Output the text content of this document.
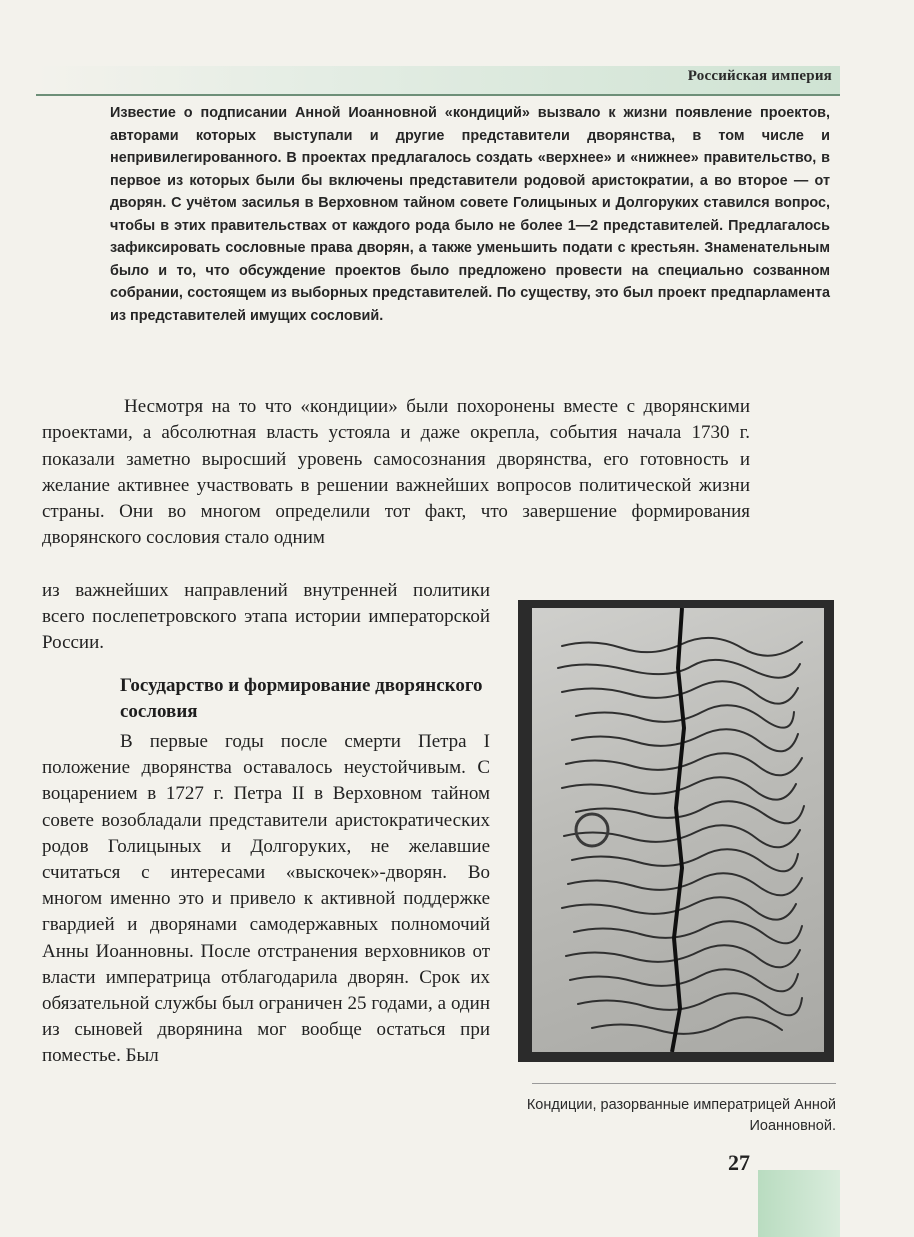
Российская империя

Известие о подписании Анной Иоанновной «кондиций» вызвало к жизни появление проектов, авторами которых выступали и другие представители дворянства, в том числе и непривилегированного. В проектах предлагалось создать «верхнее» и «нижнее» правительство, в первое из которых были бы включены представители родовой аристократии, а во второе — от дворян. С учётом засилья в Верховном тайном совете Голицыных и Долгоруких ставился вопрос, чтобы в этих правительствах от каждого рода было не более 1—2 представителей. Предлагалось зафиксировать сословные права дворян, а также уменьшить подати с крестьян. Знаменательным было и то, что обсуждение проектов было предложено провести на специально созванном собрании, состоящем из выборных представителей. По существу, это был проект предпарламента из представителей имущих сословий.

Несмотря на то что «кондиции» были похоронены вместе с дворянскими проектами, а абсолютная власть устояла и даже окрепла, события начала 1730 г. показали заметно выросший уровень самосознания дворянства, его готовность и желание активнее участвовать в решении важнейших вопросов политической жизни страны. Они во многом определили тот факт, что завершение формирования дворянского сословия стало одним

из важнейших направлений внутренней политики всего послепетровского этапа истории императорской России.

Государство и формирование дворянского сословия

В первые годы после смерти Петра I положение дворянства оставалось неустойчивым. С воцарением в 1727 г. Петра II в Верховном тайном совете возобладали представители аристократических родов Голицыных и Долгоруких, не желавшие считаться с интересами «выскочек»-дворян. Во многом именно это и привело к активной поддержке гвардией и дворянами самодержавных полномочий Анны Иоанновны. После отстранения верховников от власти императрица отблагодарила дворян. Срок их обязательной службы был ограничен 25 годами, а один из сыновей дворянина мог вообще остаться при поместье. Был

Кондиции, разорванные императрицей Анной Иоанновной.

27
